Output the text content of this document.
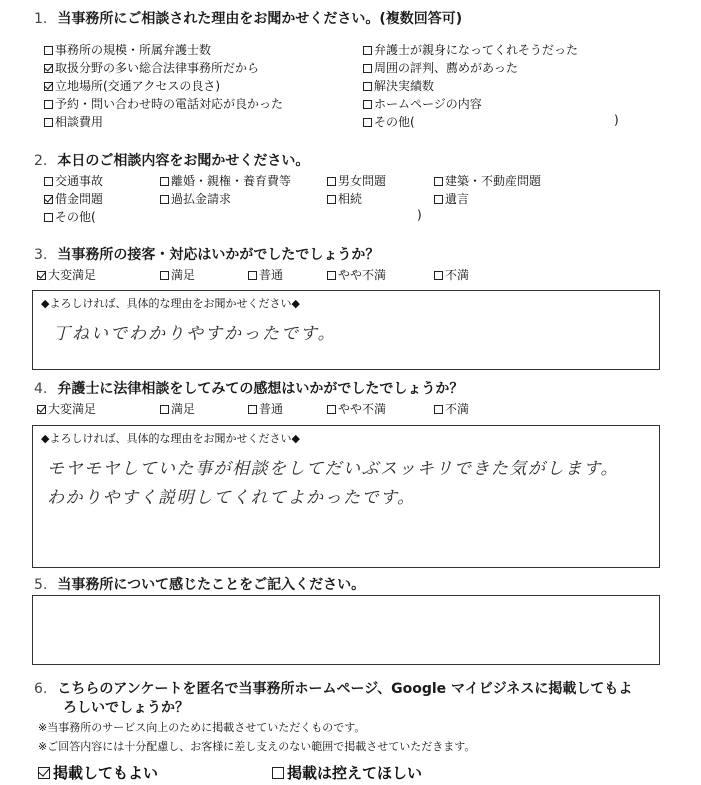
1. 当事務所にご相談された理由をお聞かせください。(複数回答可)
事務所の規模・所属弁護士数
取扱分野の多い総合法律事務所だから
立地場所(交通アクセスの良さ)
予約・問い合わせ時の電話対応が良かった
相談費用
弁護士が親身になってくれそうだった
周囲の評判、薦めがあった
解決実績数
ホームページの内容
その他(	)
2. 本日のご相談内容をお聞かせください。
交通事故	離婚・親権・養育費等	男女問題	建築・不動産問題
借金問題	過払金請求	相続	遺言
その他(	)
3. 当事務所の接客・対応はいかがでしたでしょうか？
大変満足	満足	普通	やや不満	不満
◆よろしければ、具体的な理由をお聞かせください◆
丁ねいでわかりやすかったです。
4. 弁護士に法律相談をしてみての感想はいかがでしたでしょうか？
大変満足	満足	普通	やや不満	不満
◆よろしければ、具体的な理由をお聞かせください◆
モヤモヤしていた事が相談をしてだいぶスッキリできた気がします。
わかりやすく説明してくれてよかったです。
5. 当事務所について感じたことをご記入ください。
6. こちらのアンケートを匿名で当事務所ホームページ、Google マイビジネスに掲載してもよ
ろしいでしょうか？
※当事務所のサービス向上のために掲載させていただくものです。
※ご回答内容には十分配慮し、お客様に差し支えのない範囲で掲載させていただきます。
掲載してもよい	掲載は控えてほしい
